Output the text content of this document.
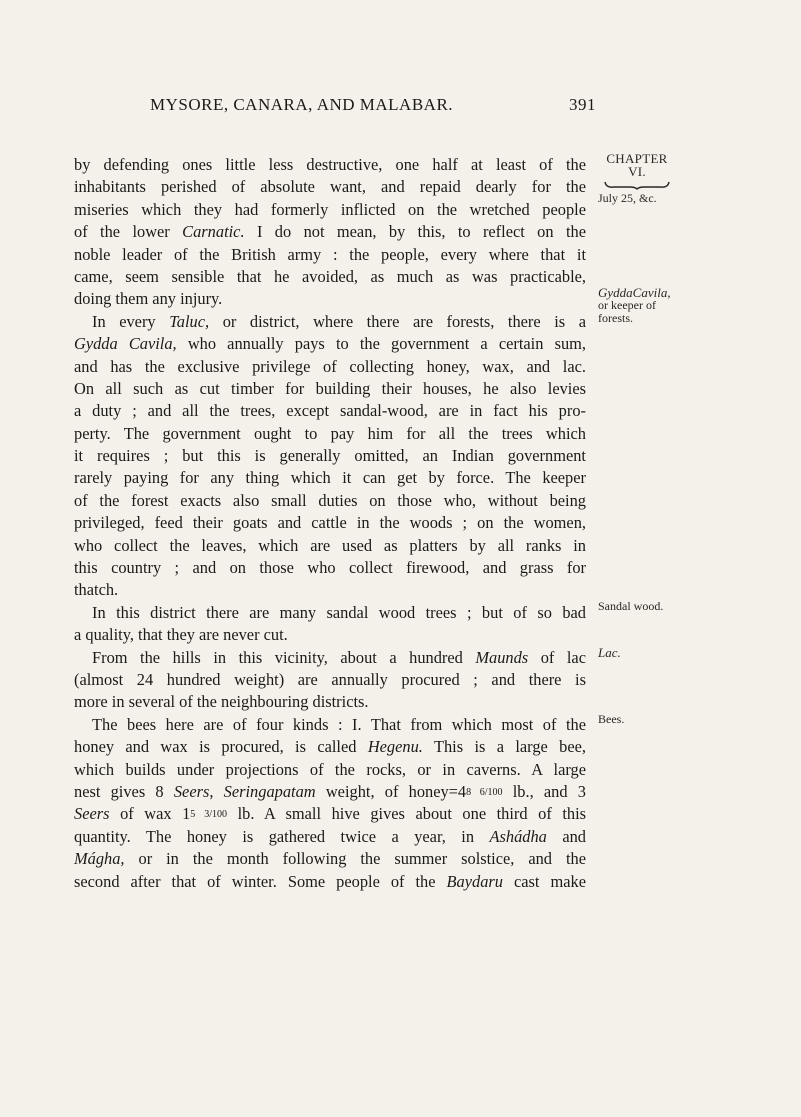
MYSORE, CANARA, AND MALABAR.	391
by defending ones little less destructive, one half at least of the
inhabitants perished of absolute want, and repaid dearly for the
miseries which they had formerly inflicted on the wretched people
of the lower Carnatic. I do not mean, by this, to reflect on the
noble leader of the British army : the people, every where that it
came, seem sensible that he avoided, as much as was practicable,
doing them any injury.
In every Taluc, or district, where there are forests, there is a
Gydda Cavila, who annually pays to the government a certain sum,
and has the exclusive privilege of collecting honey, wax, and lac.
On all such as cut timber for building their houses, he also levies
a duty ; and all the trees, except sandal-wood, are in fact his pro-
perty. The government ought to pay him for all the trees which
it requires ; but this is generally omitted, an Indian government
rarely paying for any thing which it can get by force. The keeper
of the forest exacts also small duties on those who, without being
privileged, feed their goats and cattle in the woods ; on the women,
who collect the leaves, which are used as platters by all ranks in
this country ; and on those who collect firewood, and grass for
thatch.
In this district there are many sandal wood trees ; but of so bad
a quality, that they are never cut.
From the hills in this vicinity, about a hundred Maunds of lac
(almost 24 hundred weight) are annually procured ; and there is
more in several of the neighbouring districts.
The bees here are of four kinds : I. That from which most of the
honey and wax is procured, is called Hegenu. This is a large bee,
which builds under projections of the rocks, or in caverns. A large
nest gives 8 Seers, Seringapatam weight, of honey=48 6/100 lb., and 3
Seers of wax 15 3/100 lb. A small hive gives about one third of this
quantity. The honey is gathered twice a year, in Ashádha and
Mágha, or in the month following the summer solstice, and the
second after that of winter. Some people of the Baydaru cast make
CHAPTER
VI.
July 25, &c.
GyddaCavila,
or keeper of
forests.
Sandal wood.
Lac.
Bees.
